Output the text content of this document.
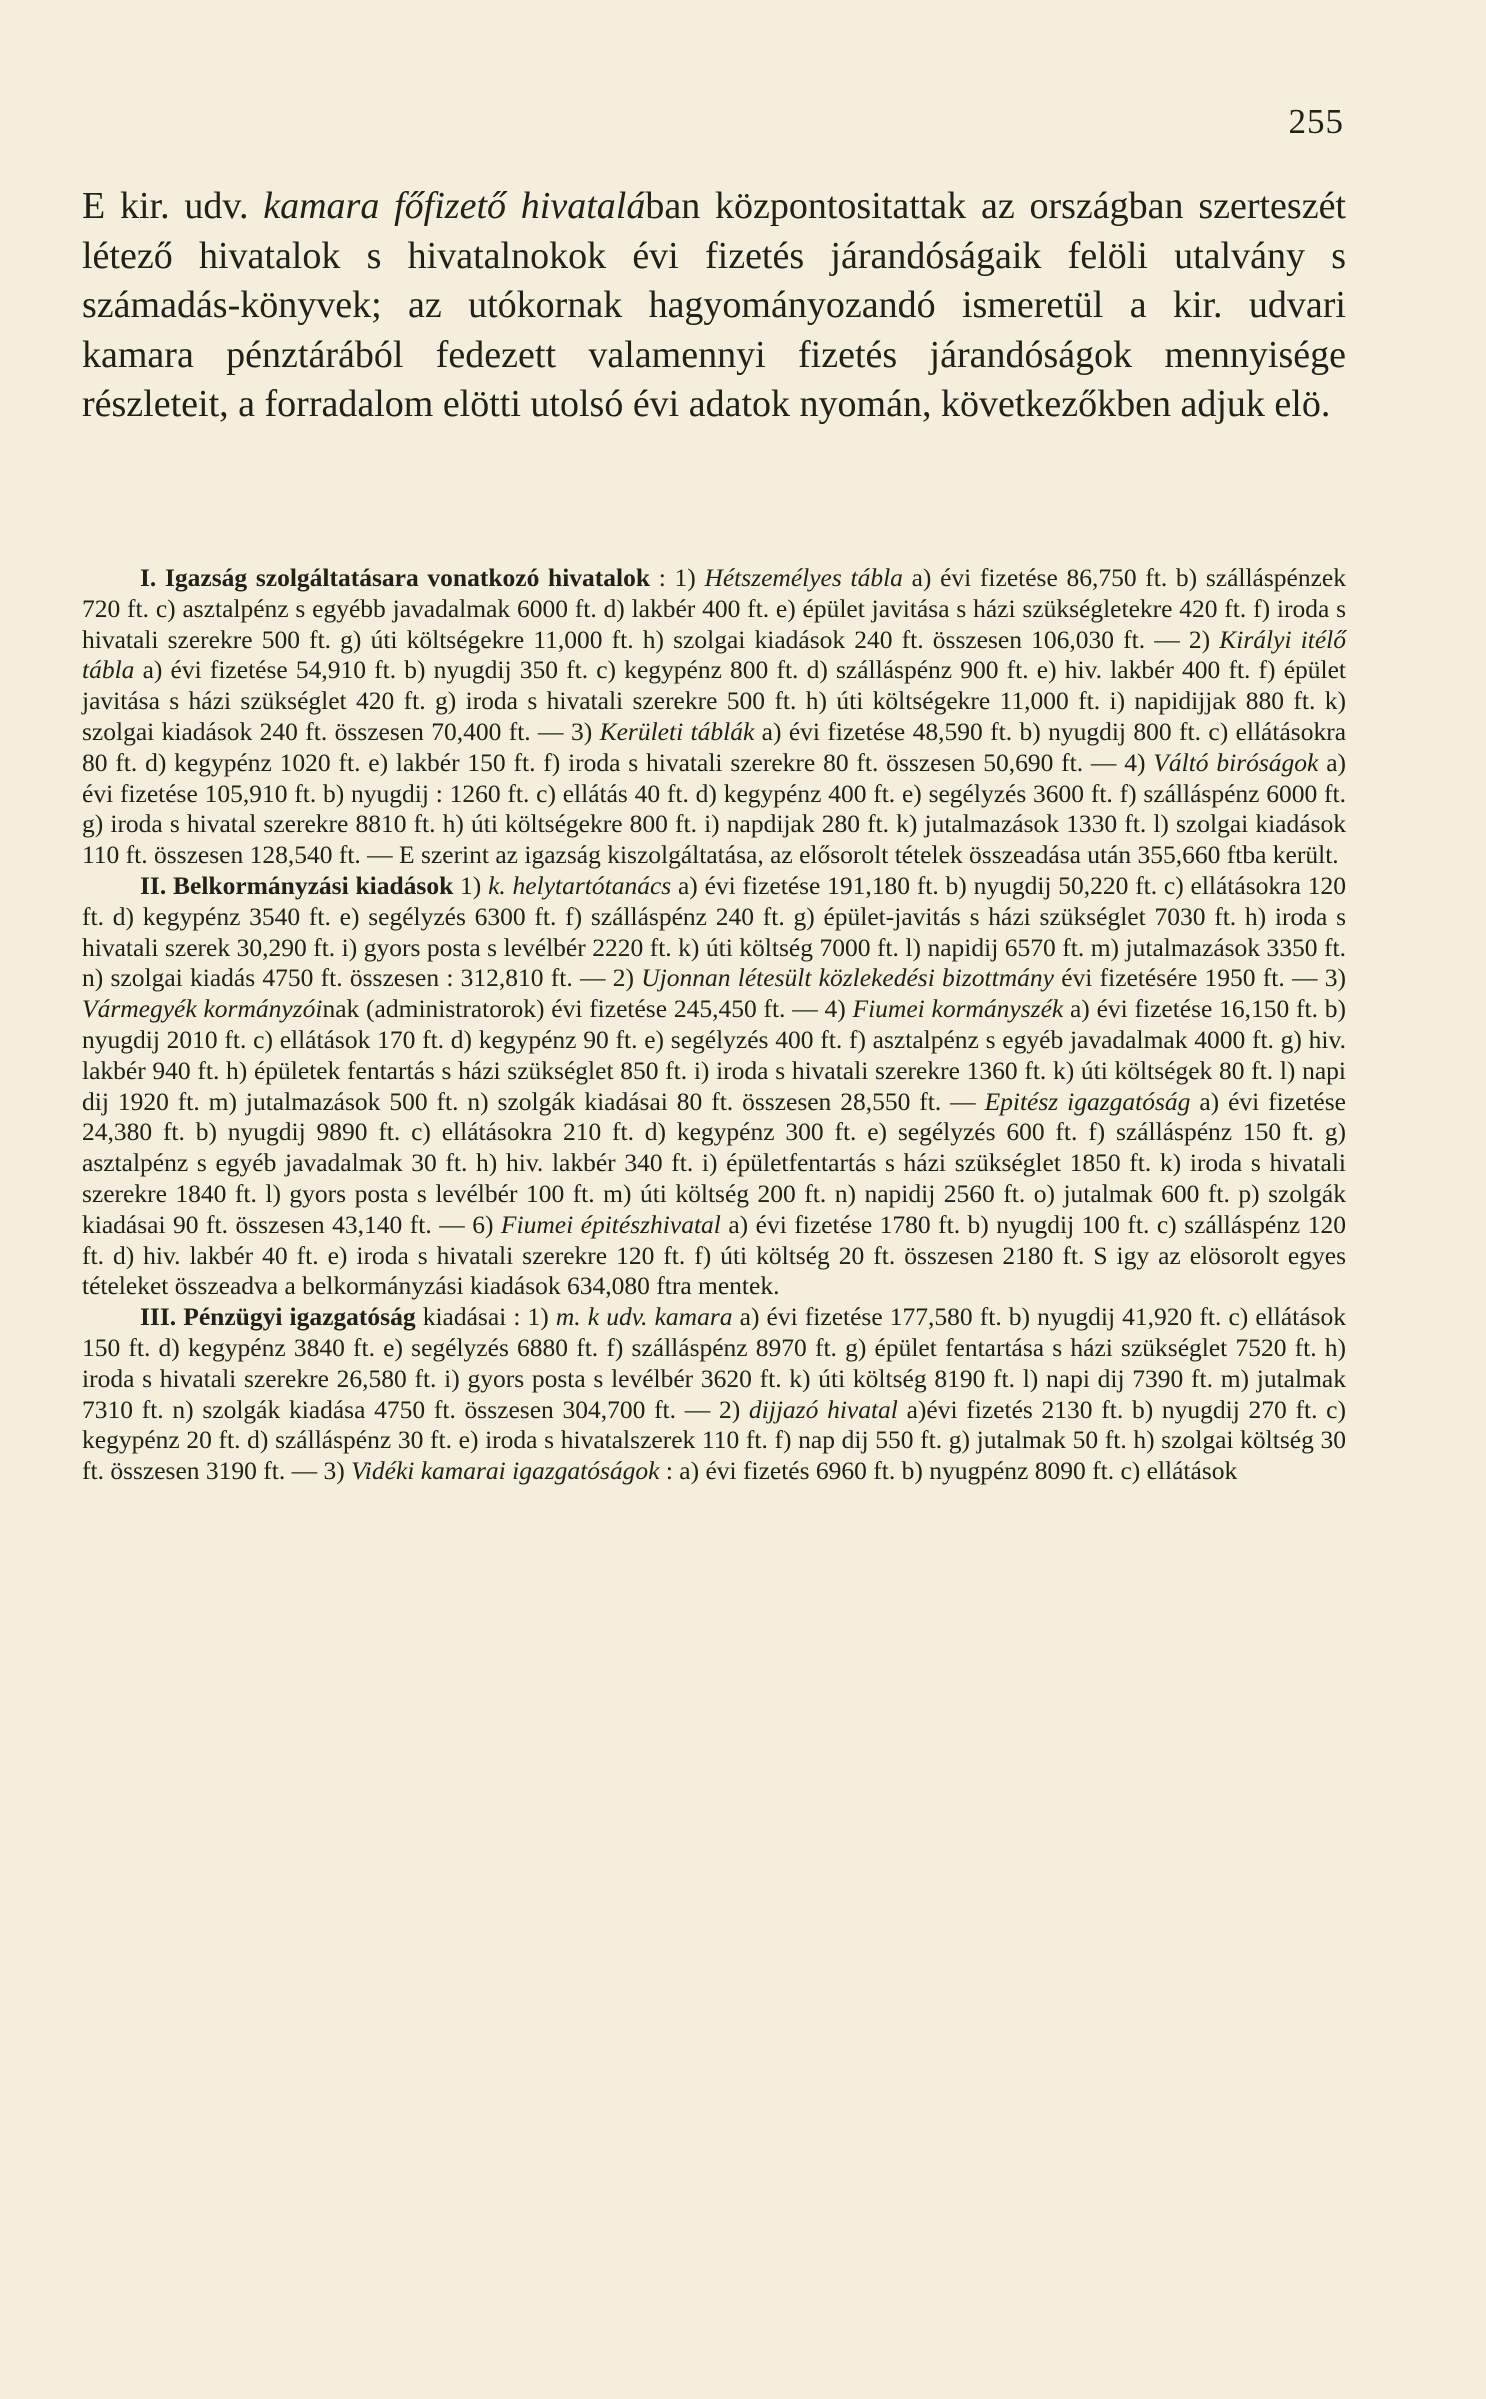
255

E kir. udv. kamara főfizető hivatalában központositattak az országban szerteszét létező hivatalok s hivatalnokok évi fizetés járandóságaik felöli utalvány s számadás-könyvek; az utókornak hagyományozandó ismeretül a kir. udvari kamara pénztárából fedezett valamennyi fizetés járandóságok mennyisége részleteit, a forradalom elötti utolsó évi adatok nyomán, következőkben adjuk elö.

I. Igazság szolgáltatásara vonatkozó hivatalok : 1) Hétszemélyes tábla a) évi fizetése 86,750 ft. b) szálláspénzek 720 ft. c) asztalpénz s egyébb javadalmak 6000 ft. d) lakbér 400 ft. e) épület javitása s házi szükségletekre 420 ft. f) iroda s hivatali szerekre 500 ft. g) úti költségekre 11,000 ft. h) szolgai kiadások 240 ft. összesen 106,030 ft. — 2) Királyi itélő tábla a) évi fizetése 54,910 ft. b) nyugdij 350 ft. c) kegypénz 800 ft. d) szálláspénz 900 ft. e) hiv. lakbér 400 ft. f) épület javitása s házi szükséglet 420 ft. g) iroda s hivatali szerekre 500 ft. h) úti költségekre 11,000 ft. i) napidijjak 880 ft. k) szolgai kiadások 240 ft. összesen 70,400 ft. — 3) Kerületi táblák a) évi fizetése 48,590 ft. b) nyugdij 800 ft. c) ellátásokra 80 ft. d) kegypénz 1020 ft. e) lakbér 150 ft. f) iroda s hivatali szerekre 80 ft. összesen 50,690 ft. — 4) Váltó biróságok a) évi fizetése 105,910 ft. b) nyugdij : 1260 ft. c) ellátás 40 ft. d) kegypénz 400 ft. e) segélyzés 3600 ft. f) szálláspénz 6000 ft. g) iroda s hivatal szerekre 8810 ft. h) úti költségekre 800 ft. i) napdijak 280 ft. k) jutalmazások 1330 ft. l) szolgai kiadások 110 ft. összesen 128,540 ft. — E szerint az igazság kiszolgáltatása, az elősorolt tételek összeadása után 355,660 ftba került.

II. Belkormányzási kiadások 1) k. helytartótanács a) évi fizetése 191,180 ft. b) nyugdij 50,220 ft. c) ellátásokra 120 ft. d) kegypénz 3540 ft. e) segélyzés 6300 ft. f) szálláspénz 240 ft. g) épület-javitás s házi szükséglet 7030 ft. h) iroda s hivatali szerek 30,290 ft. i) gyors posta s levélbér 2220 ft. k) úti költség 7000 ft. l) napidij 6570 ft. m) jutalmazások 3350 ft. n) szolgai kiadás 4750 ft. összesen : 312,810 ft. — 2) Ujonnan létesült közlekedési bizottmány évi fizetésére 1950 ft. — 3) Vármegyék kormányzóinak (administratorok) évi fizetése 245,450 ft. — 4) Fiumei kormányszék a) évi fizetése 16,150 ft. b) nyugdij 2010 ft. c) ellátások 170 ft. d) kegypénz 90 ft. e) segélyzés 400 ft. f) asztalpénz s egyéb javadalmak 4000 ft. g) hiv. lakbér 940 ft. h) épületek fentartás s házi szükséglet 850 ft. i) iroda s hivatali szerekre 1360 ft. k) úti költségek 80 ft. l) napi dij 1920 ft. m) jutalmazások 500 ft. n) szolgák kiadásai 80 ft. összesen 28,550 ft. — Epitész igazgatóság a) évi fizetése 24,380 ft. b) nyugdij 9890 ft. c) ellátásokra 210 ft. d) kegypénz 300 ft. e) segélyzés 600 ft. f) szálláspénz 150 ft. g) asztalpénz s egyéb javadalmak 30 ft. h) hiv. lakbér 340 ft. i) épületfentartás s házi szükséglet 1850 ft. k) iroda s hivatali szerekre 1840 ft. l) gyors posta s levélbér 100 ft. m) úti költség 200 ft. n) napidij 2560 ft. o) jutalmak 600 ft. p) szolgák kiadásai 90 ft. összesen 43,140 ft. — 6) Fiumei épitészhivatal a) évi fizetése 1780 ft. b) nyugdij 100 ft. c) szálláspénz 120 ft. d) hiv. lakbér 40 ft. e) iroda s hivatali szerekre 120 ft. f) úti költség 20 ft. összesen 2180 ft. S igy az elösorolt egyes tételeket összeadva a belkormányzási kiadások 634,080 ftra mentek.

III. Pénzügyi igazgatóság kiadásai : 1) m. k udv. kamara a) évi fizetése 177,580 ft. b) nyugdij 41,920 ft. c) ellátások 150 ft. d) kegypénz 3840 ft. e) segélyzés 6880 ft. f) szálláspénz 8970 ft. g) épület fentartása s házi szükséglet 7520 ft. h) iroda s hivatali szerekre 26,580 ft. i) gyors posta s levélbér 3620 ft. k) úti költség 8190 ft. l) napi dij 7390 ft. m) jutalmak 7310 ft. n) szolgák kiadása 4750 ft. összesen 304,700 ft. — 2) dijjazó hivatal a)évi fizetés 2130 ft. b) nyugdij 270 ft. c) kegypénz 20 ft. d) szálláspénz 30 ft. e) iroda s hivatalszerek 110 ft. f) nap dij 550 ft. g) jutalmak 50 ft. h) szolgai költség 30 ft. összesen 3190 ft. — 3) Vidéki kamarai igazgatóságok : a) évi fizetés 6960 ft. b) nyugpénz 8090 ft. c) ellátások
